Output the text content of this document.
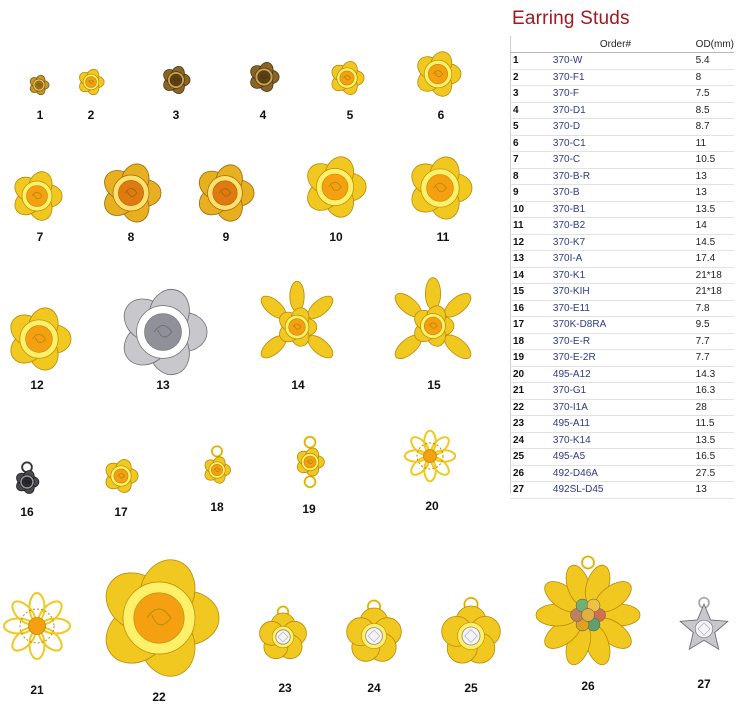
Earring Studs
	Order#	OD(mm)
1	370-W	5.4
2	370-F1	8
3	370-F	7.5
4	370-D1	8.5
5	370-D	8.7
6	370-C1	11
7	370-C	10.5
8	370-B-R	13
9	370-B	13
10	370-B1	13.5
11	370-B2	14
12	370-K7	14.5
13	370I-A	17.4
14	370-K1	21*18
15	370-KIH	21*18
16	370-E11	7.8
17	370K-D8RA	9.5
18	370-E-R	7.7
19	370-E-2R	7.7
20	495-A12	14.3
21	370-G1	16.3
22	370-I1A	28
23	495-A11	11.5
24	370-K14	13.5
25	495-A5	16.5
26	492-D46A	27.5
27	492SL-D45	13
1	2	3	4	5	6
7	8	9	10	11
12	13	14	15
16	17	18	19	20
21	22
23	24	25	26	27
